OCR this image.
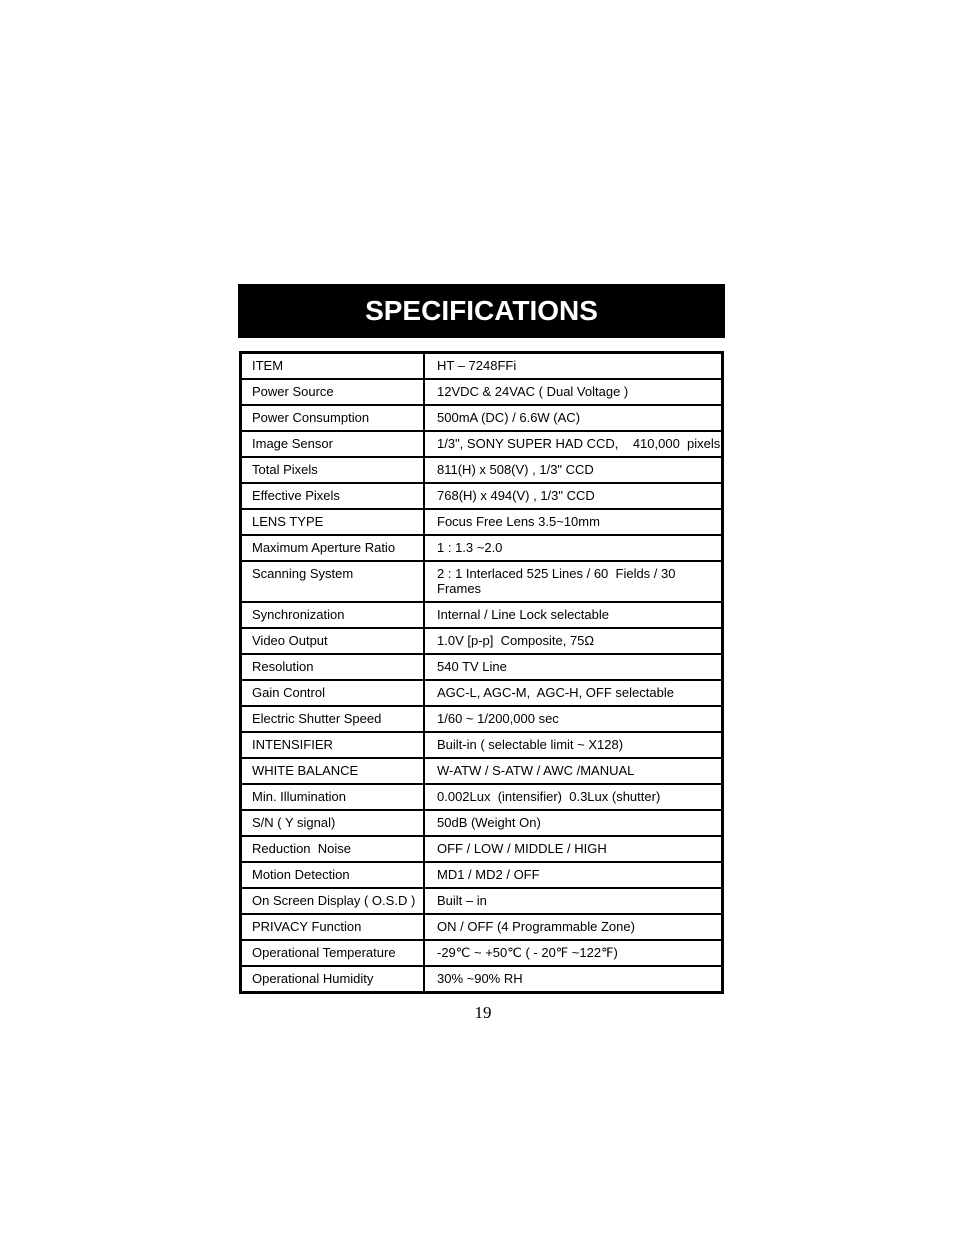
SPECIFICATIONS
ITEM	HT – 7248FFi
Power Source	12VDC & 24VAC ( Dual Voltage )
Power Consumption	500mA (DC) / 6.6W (AC)
Image Sensor	1/3", SONY SUPER HAD CCD,    410,000  pixels
Total Pixels	811(H) x 508(V) , 1/3" CCD
Effective Pixels	768(H) x 494(V) , 1/3" CCD
LENS TYPE	Focus Free Lens 3.5~10mm
Maximum Aperture Ratio	1 : 1.3 ~2.0
Scanning System	2 : 1 Interlaced 525 Lines / 60  Fields / 30
Frames
Synchronization	Internal / Line Lock selectable
Video Output	1.0V [p-p]  Composite, 75Ω
Resolution	540 TV Line
Gain Control	AGC-L, AGC-M,  AGC-H, OFF selectable
Electric Shutter Speed	1/60 ~ 1/200,000 sec
INTENSIFIER	Built-in ( selectable limit ~ X128)
WHITE BALANCE	W-ATW / S-ATW / AWC /MANUAL
Min. Illumination	0.002Lux  (intensifier)  0.3Lux (shutter)
S/N ( Y signal)	50dB (Weight On)
Reduction  Noise	OFF / LOW / MIDDLE / HIGH
Motion Detection	MD1 / MD2 / OFF
On Screen Display ( O.S.D )	Built – in
PRIVACY Function	ON / OFF (4 Programmable Zone)
Operational Temperature	-29℃ ~ +50℃ ( - 20℉ ~122℉)
Operational Humidity	30% ~90% RH
19
